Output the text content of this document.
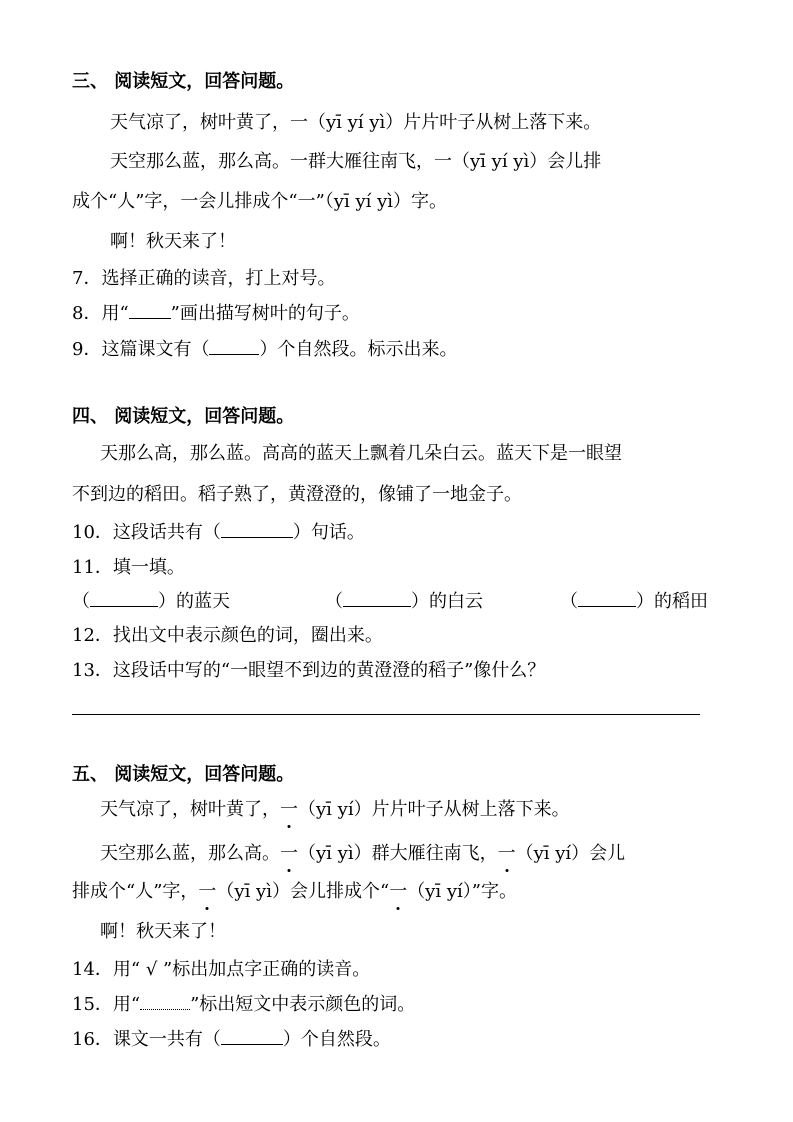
三、 阅读短文，回答问题。
天气凉了，树叶黄了，一（yī yí yì）片片叶子从树上落下来。
天空那么蓝，那么高。一群大雁往南飞，一（yī yí yì）会儿排
成个“人”字，一会儿排成个“一”（yī yí yì）字。
啊！秋天来了！
7．选择正确的读音，打上对号。
8．用“ ”画出描写树叶的句子。
9．这篇课文有（	）个自然段。标示出来。
四、 阅读短文，回答问题。
天那么高，那么蓝。高高的蓝天上飘着几朵白云。蓝天下是一眼望
不到边的稻田。稻子熟了，黄澄澄的，像铺了一地金子。
10．这段话共有（	）句话。
11．填一填。
（	）的蓝天	（	）的白云	（	）的稻田
12．找出文中表示颜色的词，圈出来。
13．这段话中写的“一眼望不到边的黄澄澄的稻子”像什么？
五、 阅读短文，回答问题。
天气凉了，树叶黄了，一（yī yí）片片叶子从树上落下来。
天空那么蓝，那么高。一（yī yì）群大雁往南飞，一（yī yí）会儿
排成个“人”字，一（yī yì）会儿排成个“一（yī yí）”字。
啊！秋天来了！
14．用“ √ ”标出加点字正确的读音。
15．用“	”标出短文中表示颜色的词。
16．课文一共有（	）个自然段。
